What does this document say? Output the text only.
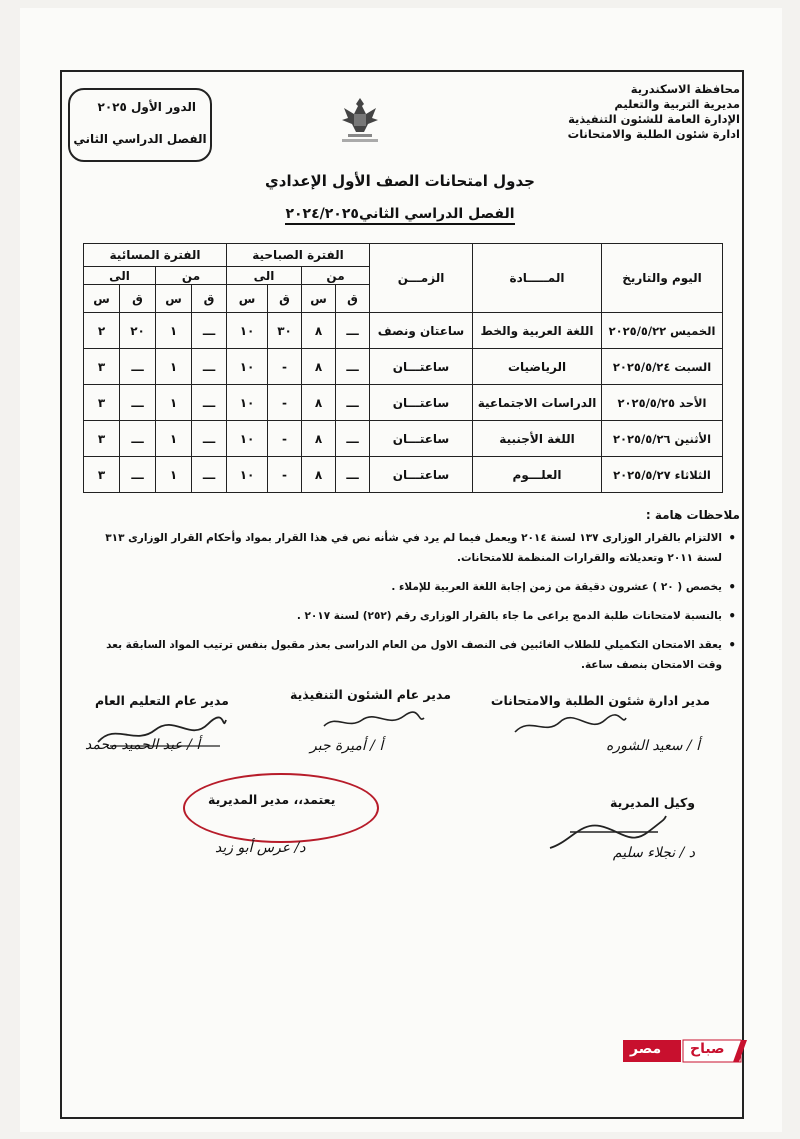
محافظة الاسكندرية
مديرية التربية والتعليم
الإدارة العامة للشئون التنفيذية
ادارة شئون الطلبة والامتحانات
الدور الأول ٢٠٢٥
الفصل الدراسي الثاني
جدول امتحانات الصف الأول الإعدادي
الفصل الدراسي الثاني٢٠٢٤/٢٠٢٥
اليوم والتاريخ	المـــــادة	الزمـــن	الفترة الصباحية				الفترة المسائية			
			من		الى		من		الى	
			ق	س	ق	س	ق	س	ق	س
الخميس ٢٠٢٥/٥/٢٢	اللغة العربية والخط	ساعتان ونصف	ـــ	٨	٣٠	١٠	ـــ	١	٢٠	٢
السبت ٢٠٢٥/٥/٢٤	الرياضيات	ساعتـــان	ـــ	٨	-	١٠	ـــ	١	ـــ	٣
الأحد ٢٠٢٥/٥/٢٥	الدراسات الاجتماعية	ساعتـــان	ـــ	٨	-	١٠	ـــ	١	ـــ	٣
الأثنين ٢٠٢٥/٥/٢٦	اللغة الأجنبية	ساعتـــان	ـــ	٨	-	١٠	ـــ	١	ـــ	٣
الثلاثاء ٢٠٢٥/٥/٢٧	العلـــوم	ساعتـــان	ـــ	٨	-	١٠	ـــ	١	ـــ	٣
ملاحظات هامة :
• الالتزام بالقرار الوزارى ١٣٧ لسنة ٢٠١٤ ويعمل فيما لم يرد في شأنه نص في هذا القرار بمواد وأحكام القرار الوزارى ٣١٣ لسنة ٢٠١١ وتعديلاته والقرارات المنظمة للامتحانات.
• يخصص ( ٢٠ ) عشرون دقيقة من زمن إجابة اللغة العربية للإملاء .
• بالنسبة لامتحانات طلبة الدمج يراعى ما جاء بالقرار الوزارى رقم (٢٥٢) لسنة ٢٠١٧ .
• يعقد الامتحان التكميلي للطلاب الغائبين فى النصف الاول من العام الدراسى بعذر مقبول بنفس ترتيب المواد السابقة بعد وقت الامتحان بنصف ساعة.
مدير ادارة شئون الطلبة والامتحانات
أ / سعيد الشوره
مدير عام الشئون التنفيذية
أ / أميرة جبر
مدير عام التعليم العام
أ / عبد الحميد محمد
وكيل المديرية
د / نجلاء سليم
يعتمد،، مدير المديرية
د/ عرس أبو زيد
مصر صباح
